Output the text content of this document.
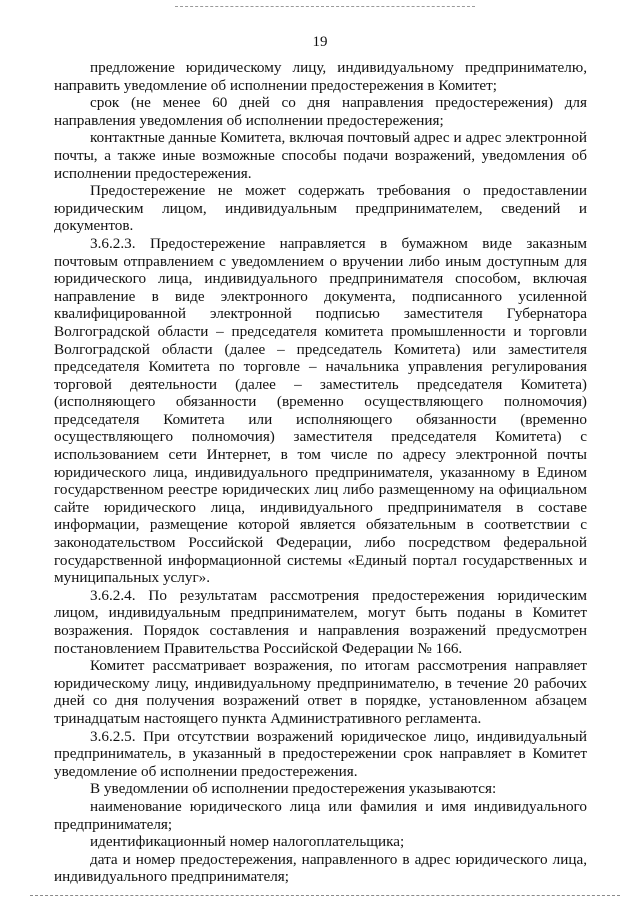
19

предложение юридическому лицу, индивидуальному предпринимателю, направить уведомление об исполнении предостережения в Комитет;

срок (не менее 60 дней со дня направления предостережения) для направления уведомления об исполнении предостережения;

контактные данные Комитета, включая почтовый адрес и адрес электронной почты, а также иные возможные способы подачи возражений, уведомления об исполнении предостережения.

Предостережение не может содержать требования о предоставлении юридическим лицом, индивидуальным предпринимателем, сведений и документов.

3.6.2.3. Предостережение направляется в бумажном виде заказным почтовым отправлением с уведомлением о вручении либо иным доступным для юридического лица, индивидуального предпринимателя способом, включая направление в виде электронного документа, подписанного усиленной квалифицированной электронной подписью заместителя Губернатора Волгоградской области – председателя комитета промышленности и торговли Волгоградской области (далее – председатель Комитета) или заместителя председателя Комитета по торговле – начальника управления регулирования торговой деятельности (далее – заместитель председателя Комитета) (исполняющего обязанности (временно осуществляющего полномочия) председателя Комитета или исполняющего обязанности (временно осуществляющего полномочия) заместителя председателя Комитета) с использованием сети Интернет, в том числе по адресу электронной почты юридического лица, индивидуального предпринимателя, указанному в Едином государственном реестре юридических лиц либо размещенному на официальном сайте юридического лица, индивидуального предпринимателя в составе информации, размещение которой является обязательным в соответствии с законодательством Российской Федерации, либо посредством федеральной государственной информационной системы «Единый портал государственных и муниципальных услуг».

3.6.2.4. По результатам рассмотрения предостережения юридическим лицом, индивидуальным предпринимателем, могут быть поданы в Комитет возражения. Порядок составления и направления возражений предусмотрен постановлением Правительства Российской Федерации № 166.

Комитет рассматривает возражения, по итогам рассмотрения направляет юридическому лицу, индивидуальному предпринимателю, в течение 20 рабочих дней со дня получения возражений ответ в порядке, установленном абзацем тринадцатым настоящего пункта Административного регламента.

3.6.2.5. При отсутствии возражений юридическое лицо, индивидуальный предприниматель, в указанный в предостережении срок направляет в Комитет уведомление об исполнении предостережения.

В уведомлении об исполнении предостережения указываются:

наименование юридического лица или фамилия и имя индивидуального предпринимателя;

идентификационный номер налогоплательщика;

дата и номер предостережения, направленного в адрес юридического лица, индивидуального предпринимателя;
